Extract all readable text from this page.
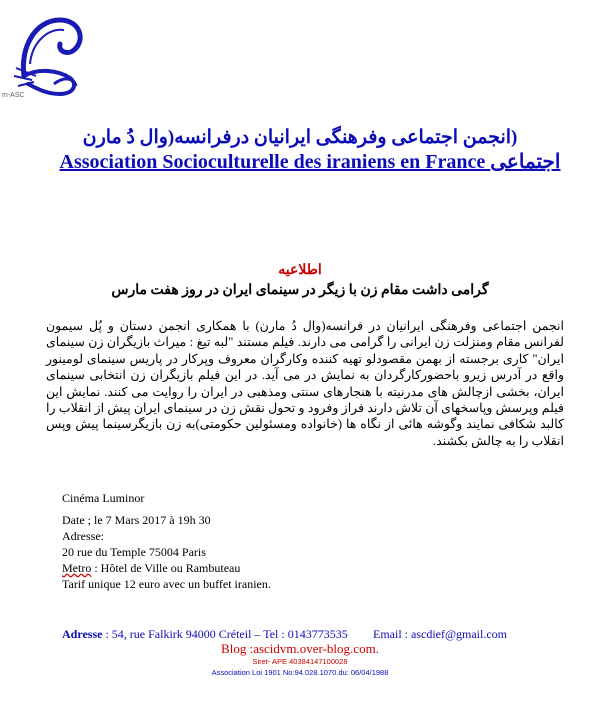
m-ASC
(انجمن اجتماعی وفرهنگی ایرانیان درفرانسه(وال دُ مارن
Association Socioculturelle des iraniens en France اجتماعی
اطلاعیه
گرامی داشت مقام زن با زیگر در سینمای ایران در روز هفت مارس

انجمن اجتماعی وفرهنگی ایرانیان در فرانسه(وال دُ مارن) با همکاری انجمن دستان و پُل سیمون لفرانس مقام ومنزلت زن ایرانی را گرامی می دارند. فیلم مستند "لبه تیغ : میراث بازیگران زن سینمای ایران" کاری برجسته از بهمن مقصودلو تهیه کننده وکارگران معروف وپرکار در پاریس سینمای لومینور واقع در آدرس زیرو باحضورکارگردان به نمایش در می آید. در این فیلم بازیگران زن انتخابی سینمای ایران، بخشی ازچالش های مدرنیته با هنجارهای سنتی ومذهبی در ایران را روایت می کنند. نمایش این فیلم وپرسش وپاسخهای آن تلاش دارند فراز وفرود و تحول نقش زن در سینمای ایران پیش از انقلاب را کالبد شکافی نمایند وگوشه هائی از نگاه ها (خانواده ومسئولین حکومتی)به زن بازیگرسینما پیش وپس انقلاب را به چالش بکشند.

Cinéma Luminor
Date ; le 7 Mars 2017 à 19h 30
Adresse:
20 rue du Temple 75004 Paris
Metro : Hôtel de Ville ou Rambuteau
Tarif unique 12 euro avec un buffet iranien.
Adresse : 54, rue Falkirk 94000 Créteil – Tel : 0143773535 Email : ascdief@gmail.com
Blog :ascidvm.over-blog.com.
Siret- APE 40384147100028
Association Loi 1901 No:94.028.1070.du: 06/04/1988
